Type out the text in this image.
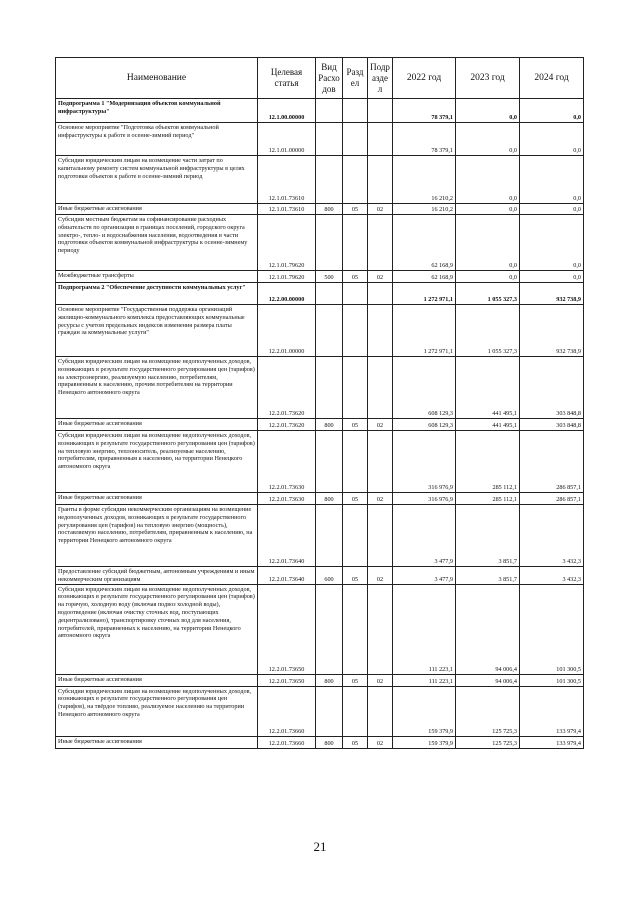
Наименование	Целевая статья	Вид Расхо дов	Разд ел	Подр азде л	2022 год	2023 год	2024 год
Подпрограмма 1 "Модернизация объектов коммунальной инфраструктуры"	12.1.00.00000				78 379,1	0,0	0,0
Основное мероприятие "Подготовка объектов коммунальной инфраструктуры к работе в осенне-зимний период"	12.1.01.00000				78 379,1	0,0	0,0
Субсидии юридическим лицам на возмещение части затрат по капитальному ремонту систем коммунальной инфраструктуры в целях подготовки объектов к работе в осенне-зимний период	12.1.01.73610				16 210,2	0,0	0,0
Иные бюджетные ассигнования	12.1.01.73610	800	05	02	16 210,2	0,0	0,0
Субсидии местным бюджетам на софинансирование расходных обязательств по организации в границах поселений, городского округа электро-, тепло- и водоснабжения населения, водоотведения в части подготовки объектов коммунальной инфраструктуры к осенне-зимнему периоду	12.1.01.79620				62 168,9	0,0	0,0
Межбюджетные трансферты	12.1.01.79620	500	05	02	62 168,9	0,0	0,0
Подпрограмма 2 "Обеспечение доступности коммунальных услуг"	12.2.00.00000				1 272 971,1	1 055 327,3	932 738,9
Основное мероприятие "Государственная поддержка организаций жилищно-коммунального комплекса предоставляющих коммунальные ресурсы с учетом предельных индексов изменения размера платы граждан за коммунальные услуги"	12.2.01.00000				1 272 971,1	1 055 327,3	932 738,9
Субсидии юридическим лицам на возмещение недополученных доходов, возникающих в результате государственного регулирования цен (тарифов) на электроэнергию, реализуемую населению, потребителям, приравненным к населению, прочим потребителям на территории Ненецкого автономного округа	12.2.01.73620				608 129,3	441 495,1	303 848,8
Иные бюджетные ассигнования	12.2.01.73620	800	05	02	608 129,3	441 495,1	303 848,8
Субсидии юридическим лицам на возмещение недополученных доходов, возникающих в результате государственного регулирования цен (тарифов) на тепловую энергию, теплоноситель, реализуемые населению, потребителям, приравненным к населению, на территории Ненецкого автономного округа	12.2.01.73630				316 976,9	285 112,1	286 857,1
Иные бюджетные ассигнования	12.2.01.73630	800	05	02	316 976,9	285 112,1	286 857,1
Гранты в форме субсидии некоммерческим организациям на возмещение недополученных доходов, возникающих в результате государственного регулирования цен (тарифов) на тепловую энергию (мощность), поставляемую населению, потребителям, приравненным к населению, на территории Ненецкого автономного округа	12.2.01.73640				3 477,9	3 851,7	3 432,3
Предоставление субсидий бюджетным, автономным учреждениям и иным некоммерческим организациям	12.2.01.73640	600	05	02	3 477,9	3 851,7	3 432,3
Субсидии юридическим лицам на возмещение недополученных доходов, возникающих в результате государственного регулирования цен (тарифов) на горячую, холодную воду (включая подвоз холодной воды), водоотведение (включая очистку сточных вод, поступающих децентрализовано), транспортировку сточных вод для населения, потребителей, приравненных к населению, на территории Ненецкого автономного округа	12.2.01.73650				111 223,1	94 006,4	101 300,5
Иные бюджетные ассигнования	12.2.01.73650	800	05	02	111 223,1	94 006,4	101 300,5
Субсидии юридическим лицам на возмещение недополученных доходов, возникающих в результате государственного регулирования цен (тарифов), на твёрдое топливо, реализуемое населению на территории Ненецкого автономного округа	12.2.01.73660				159 379,9	125 725,3	133 979,4
Иные бюджетные ассигнования	12.2.01.73660	800	05	02	159 379,9	125 725,3	133 979,4
21
